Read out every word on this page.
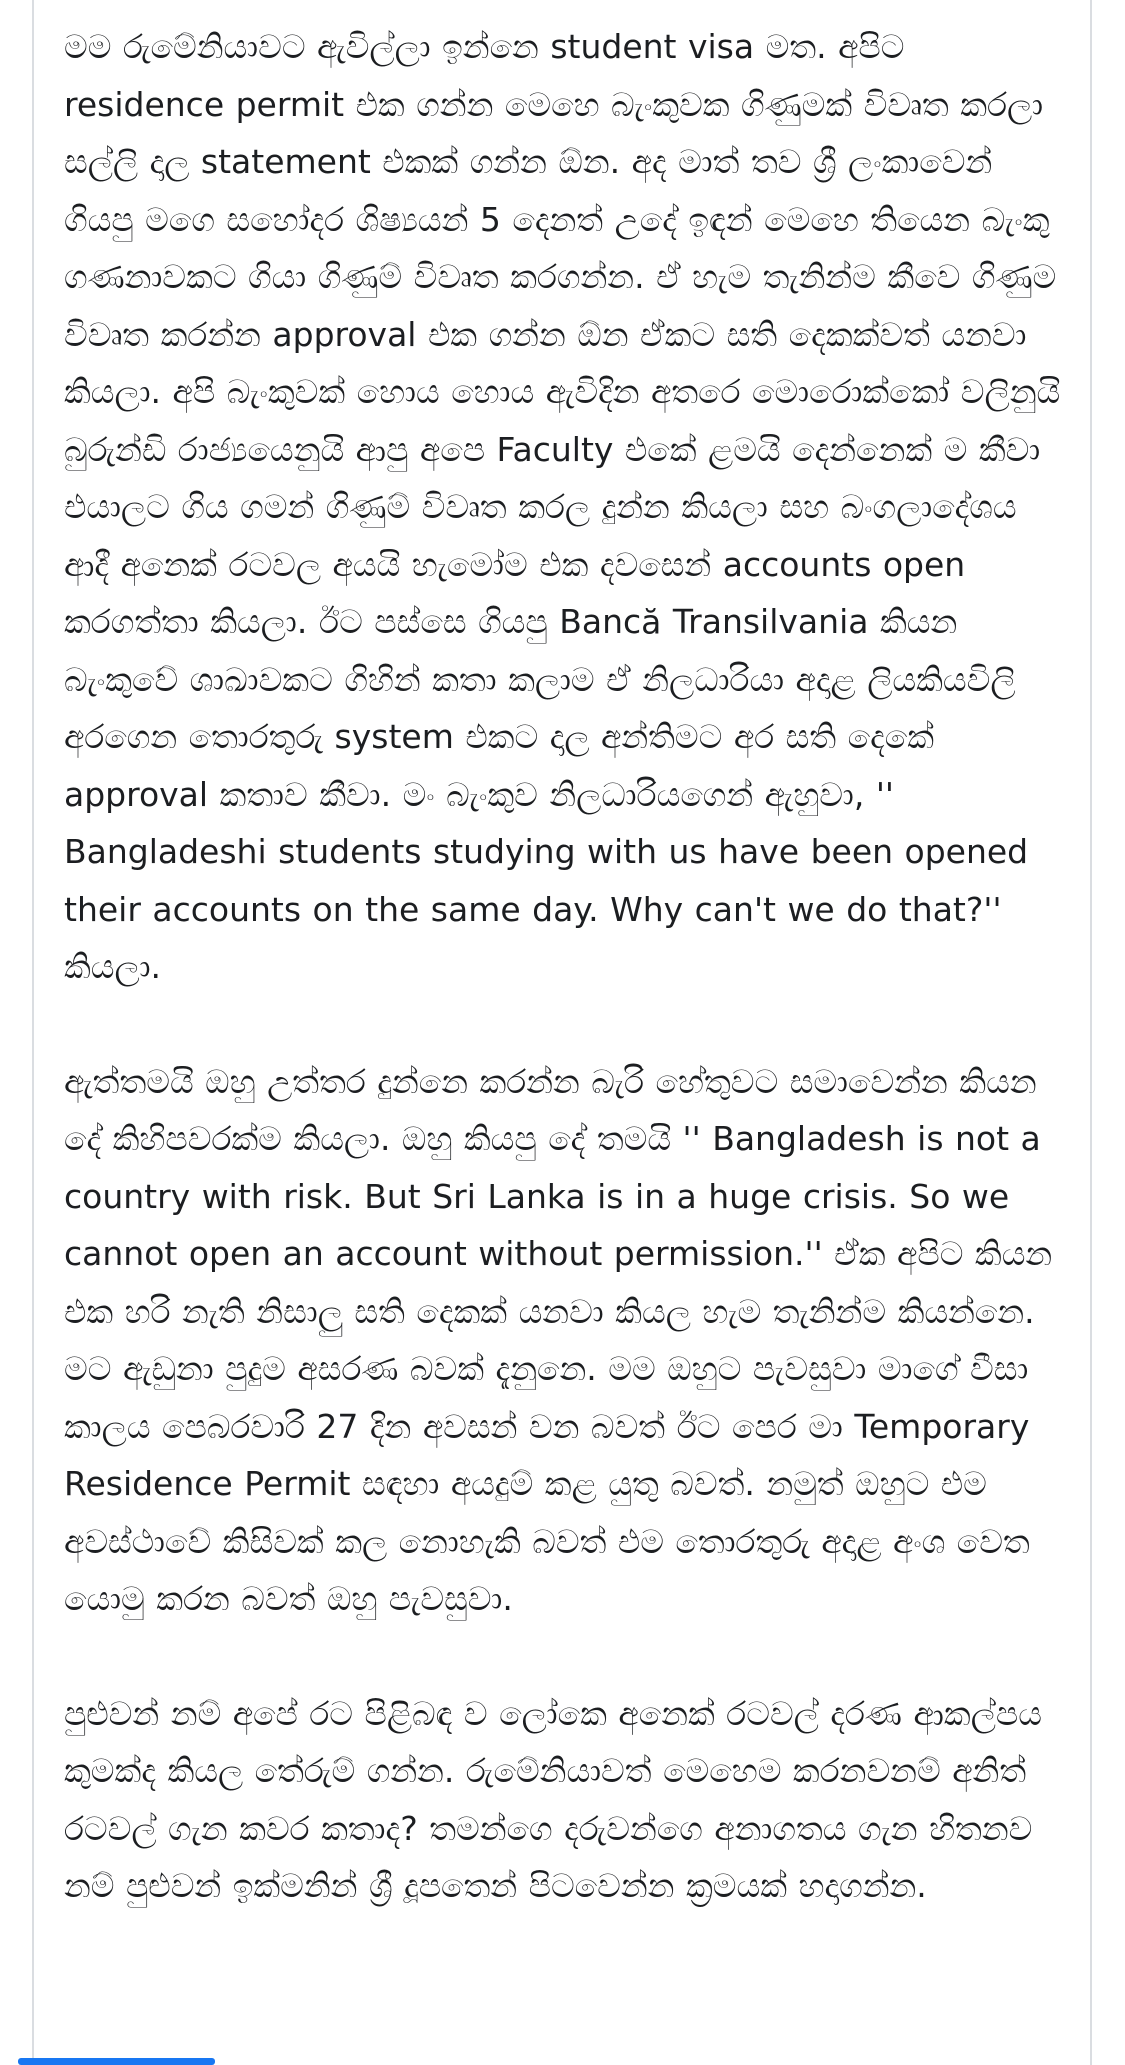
මම රුමේනියාවට ඇවිල්ලා ඉන්නෙ student visa මත. අපිට residence permit එක ගන්න මෙහෙ බැංකුවක ගිණුමක් විවෘත කරලා සල්ලි දාල statement එකක් ගන්න ඕන. අද මාත් තව ශ්‍රී ලංකාවෙන් ගියපු මගෙ සහෝදර ශිෂ්‍යයන් 5 දෙනත් උදේ ඉඳන් මෙහෙ තියෙන බැංකු ගණනාවකට ගියා ගිණුම් විවෘත කරගන්න. ඒ හැම තැනින්ම කීවෙ ගිණුම විවෘත කරන්න approval එක ගන්න ඕන ඒකට සති දෙකක්වත් යනවා කියලා. අපි බැංකුවක් හොය හොය ඇවිදින අතරෙ මොරොක්කෝ වලිනුයි බුරුන්ඩි රාජ්‍යයෙනුයි ආපු අපෙ Faculty එකේ ළමයි දෙන්නෙක් ම කීවා එයාලට ගිය ගමන් ගිණුම් විවෘත කරල දුන්න කියලා සහ බංගලාදේශය ආදී අනෙක් රටවල අයයි හැමෝම එක දවසෙන් accounts open කරගත්තා කියලා. ඊට පස්සෙ ගියපු Bancă Transilvania කියන බැංකුවේ ශාඛාවකට ගිහින් කතා කලාම ඒ නිලධාරියා අදාළ ලියකියවිලි අරගෙන තොරතුරු system එකට දාල අන්තිමට අර සති දෙකේ approval කතාව කීවා. මං බැංකුව නිලධාරියගෙන් ඇහුවා, '' Bangladeshi students studying with us have been opened their accounts on the same day. Why can't we do that?'' කියලා.

ඇත්තමයි ඔහු උත්තර දුන්නෙ කරන්න බැරි හේතුවට සමාවෙන්න කියන දේ කිහිපවරක්ම කියලා. ඔහු කියපු දේ තමයි '' Bangladesh is not a country with risk. But Sri Lanka is in a huge crisis. So we cannot open an account without permission.'' ඒක අපිට කියන එක හරි නැති නිසාලු සති දෙකක් යනවා කියල හැම තැනින්ම කියන්නෙ. මට ඇඩුනා පුදුම අසරණ බවක් දැනුනෙ. මම ඔහුට පැවසුවා මාගේ වීසා කාලය පෙබරවාරි 27 දින අවසන් වන බවත් ඊට පෙර මා Temporary Residence Permit සඳහා අයදුම් කළ යුතු බවත්. නමුත් ඔහුට එම අවස්ථාවේ කිසිවක් කල නොහැකි බවත් එම තොරතුරු අදාළ අංශ වෙත යොමු කරන බවත් ඔහු පැවසුවා.

පුළුවන් නම් අපේ රට පිළිබඳ ව ලෝකෙ අනෙක් රටවල් දරණ ආකල්පය කුමක්ද කියල තේරුම් ගන්න. රුමේනියාවත් මෙහෙම කරනවනම් අනිත් රටවල් ගැන කවර කතාද? තමන්ගෙ දරුවන්ගෙ අනාගතය ගැන හිතනව නම් පුළුවන් ඉක්මනින් ශ්‍රී දූපතෙන් පිටවෙන්න ක්‍රමයක් හදාගන්න.
